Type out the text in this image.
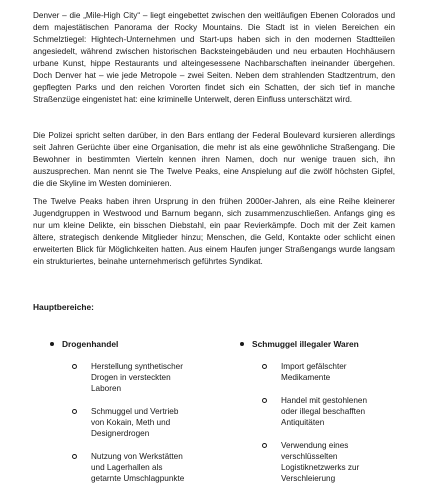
Denver – die „Mile-High City“ – liegt eingebettet zwischen den weitläufigen Ebenen Colorados und dem majestätischen Panorama der Rocky Mountains. Die Stadt ist in vielen Bereichen ein Schmelztiegel: Hightech-Unternehmen und Start-ups haben sich in den modernen Stadtteilen angesiedelt, während zwischen historischen Backsteingebäuden und neu erbauten Hochhäusern urbane Kunst, hippe Restaurants und alteingesessene Nachbarschaften ineinander übergehen. Doch Denver hat – wie jede Metropole – zwei Seiten. Neben dem strahlenden Stadtzentrum, den gepflegten Parks und den reichen Vororten findet sich ein Schatten, der sich tief in manche Straßenzüge eingenistet hat: eine kriminelle Unterwelt, deren Einfluss unterschätzt wird.

Die Polizei spricht selten darüber, in den Bars entlang der Federal Boulevard kursieren allerdings seit Jahren Gerüchte über eine Organisation, die mehr ist als eine gewöhnliche Straßengang. Die Bewohner in bestimmten Vierteln kennen ihren Namen, doch nur wenige trauen sich, ihn auszusprechen. Man nennt sie The Twelve Peaks, eine Anspielung auf die zwölf höchsten Gipfel, die die Skyline im Westen dominieren.

The Twelve Peaks haben ihren Ursprung in den frühen 2000er-Jahren, als eine Reihe kleinerer Jugendgruppen in Westwood und Barnum begann, sich zusammenzuschließen. Anfangs ging es nur um kleine Delikte, ein bisschen Diebstahl, ein paar Revierkämpfe. Doch mit der Zeit kamen ältere, strategisch denkende Mitglieder hinzu; Menschen, die Geld, Kontakte oder schlicht einen erweiterten Blick für Möglichkeiten hatten. Aus einem Haufen junger Straßengangs wurde langsam ein strukturiertes, beinahe unternehmerisch geführtes Syndikat.

Hauptbereiche:

Drogenhandel
Herstellung synthetischer Drogen in versteckten Laboren
Schmuggel und Vertrieb von Kokain, Meth und Designerdrogen
Nutzung von Werkstätten und Lagerhallen als getarnte Umschlagpunkte
Schmuggel illegaler Waren
Import gefälschter Medikamente
Handel mit gestohlenen oder illegal beschafften Antiquitäten
Verwendung eines verschlüsselten Logistiknetzwerks zur Verschleierung
